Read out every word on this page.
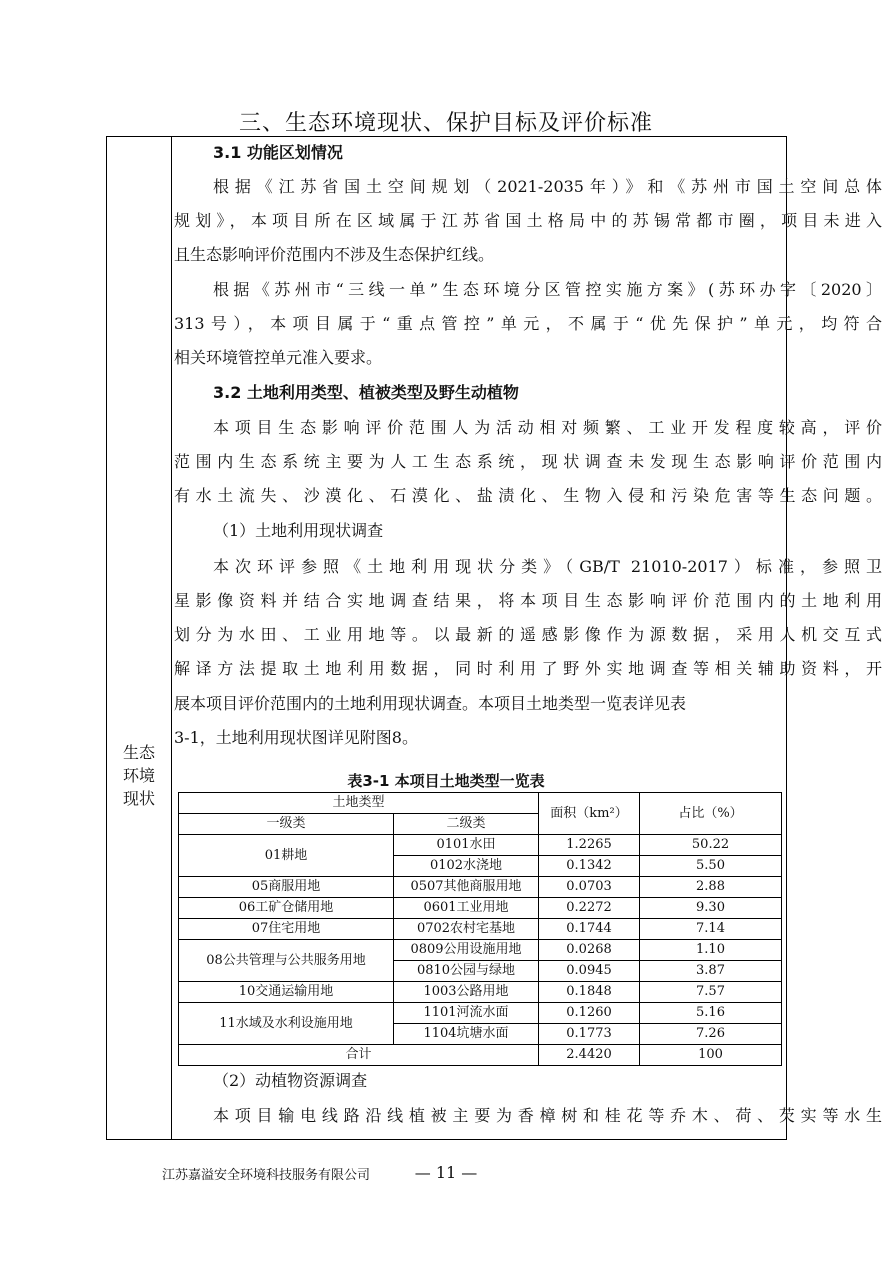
三、生态环境现状、保护目标及评价标准
生态
环境
现状
3.1 功能区划情况
根据《江苏省国土空间规划（2021-2035年）》和《苏州市国土空间总体
规划》，本项目所在区域属于江苏省国土格局中的苏锡常都市圈，项目未进入
且生态影响评价范围内不涉及生态保护红线。
根据《苏州市“三线一单”生态环境分区管控实施方案》(苏环办字〔2020〕
313号），本项目属于“重点管控”单元，不属于“优先保护”单元，均符合
相关环境管控单元准入要求。
3.2 土地利用类型、植被类型及野生动植物
本项目生态影响评价范围人为活动相对频繁、工业开发程度较高，评价
范围内生态系统主要为人工生态系统，现状调查未发现生态影响评价范围内
有水土流失、沙漠化、石漠化、盐渍化、生物入侵和污染危害等生态问题。
（1）土地利用现状调查
本次环评参照《土地利用现状分类》（GB/T 21010-2017）标准，参照卫
星影像资料并结合实地调查结果，将本项目生态影响评价范围内的土地利用
划分为水田、工业用地等。以最新的遥感影像作为源数据，采用人机交互式
解译方法提取土地利用数据，同时利用了野外实地调查等相关辅助资料，开
展本项目评价范围内的土地利用现状调查。本项目土地类型一览表详见表
3-1，土地利用现状图详见附图8。
表3-1 本项目土地类型一览表
土地类型		面积（km²）	占比（%）
一级类	二级类		
01耕地	0101水田	1.2265	50.22
	0102水浇地	0.1342	5.50
05商服用地	0507其他商服用地	0.0703	2.88
06工矿仓储用地	0601工业用地	0.2272	9.30
07住宅用地	0702农村宅基地	0.1744	7.14
08公共管理与公共服务用地	0809公用设施用地	0.0268	1.10
	0810公园与绿地	0.0945	3.87
10交通运输用地	1003公路用地	0.1848	7.57
11水域及水利设施用地	1101河流水面	0.1260	5.16
	1104坑塘水面	0.1773	7.26
合计		2.4420	100
（2）动植物资源调查
本项目输电线路沿线植被主要为香樟树和桂花等乔木、荷、芡实等水生
江苏嘉溢安全环境科技服务有限公司	— 11 —
